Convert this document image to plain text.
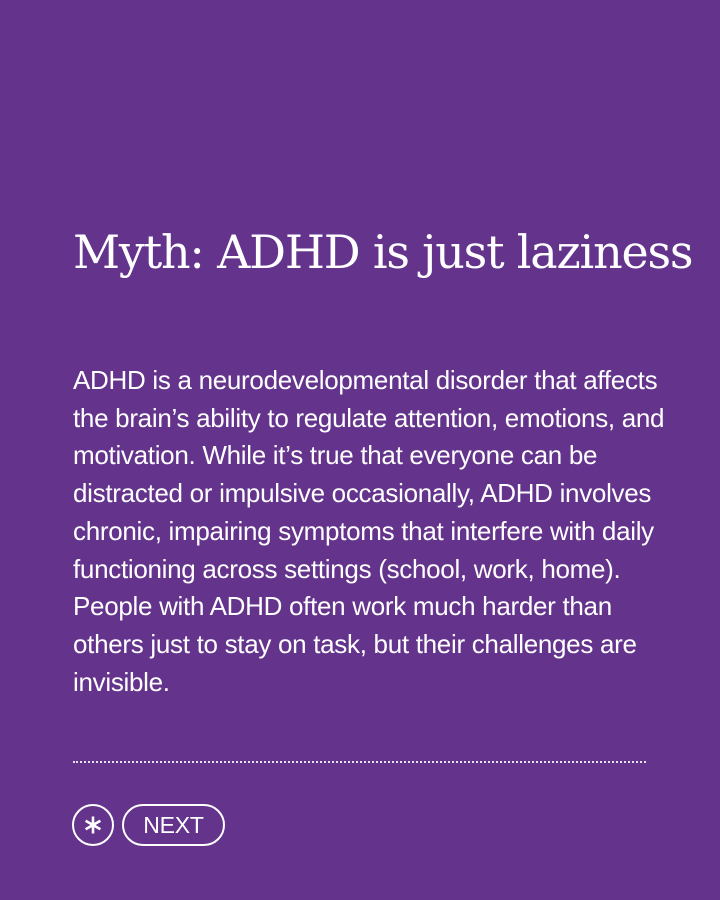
Myth: ADHD is just laziness

ADHD is a neurodevelopmental disorder that affects the brain’s ability to regulate attention, emotions, and motivation. While it’s true that everyone can be distracted or impulsive occasionally, ADHD involves chronic, impairing symptoms that interfere with daily functioning across settings (school, work, home). People with ADHD often work much harder than others just to stay on task, but their challenges are invisible.

NEXT
